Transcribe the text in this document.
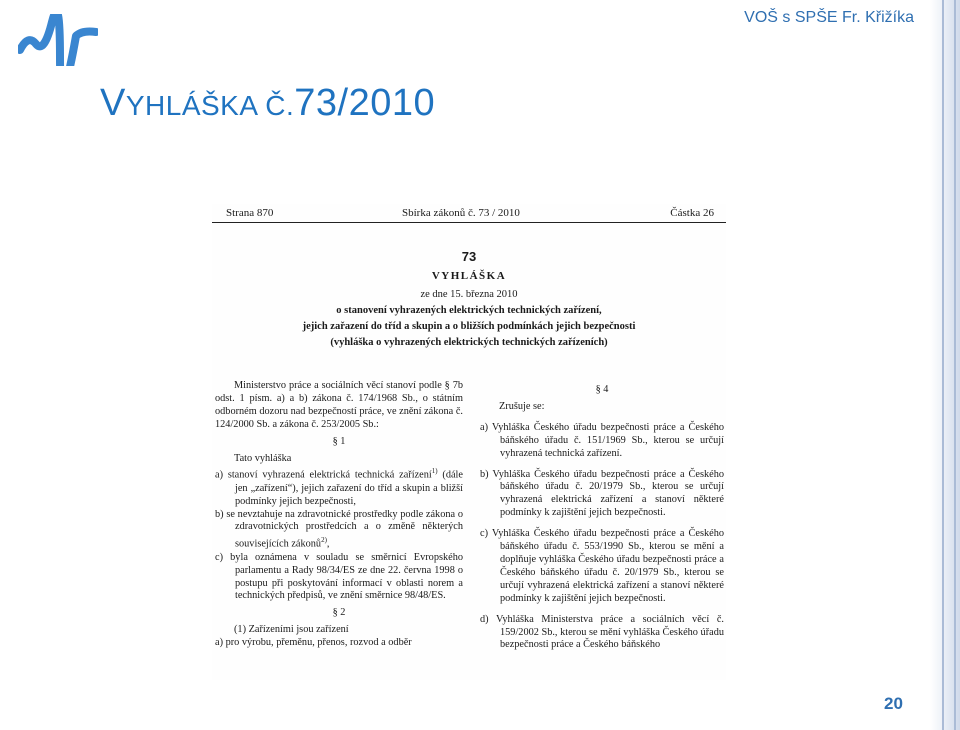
VOŠ s SPŠE Fr. Křižíka
VYHLÁŠKA Č.73/2010
Strana 870	Sbírka zákonů č. 73 / 2010	Částka 26
73
VYHLÁŠKA
ze dne 15. března 2010
o stanovení vyhrazených elektrických technických zařízení,
jejich zařazení do tříd a skupin a o bližších podmínkách jejich bezpečnosti
(vyhláška o vyhrazených elektrických technických zařízeních)

Ministerstvo práce a sociálních věcí stanoví podle § 7b odst. 1 písm. a) a b) zákona č. 174/1968 Sb., o státním odborném dozoru nad bezpečností práce, ve znění zákona č. 124/2000 Sb. a zákona č. 253/2005 Sb.:

§ 1

Tato vyhláška

a) stanoví vyhrazená elektrická technická zařízení$^{1)}$ (dále jen „zařízení“), jejich zařazení do tříd a skupin a bližší podmínky jejich bezpečnosti,

b) se nevztahuje na zdravotnické prostředky podle zákona o zdravotnických prostředcích a o změně některých souvisejících zákonů$^{2)}$,

c) byla oznámena v souladu se směrnicí Evropského parlamentu a Rady 98/34/ES ze dne 22. června 1998 o postupu při poskytování informací v oblasti norem a technických předpisů, ve znění směrnice 98/48/ES.

§ 2

(1) Zařízeními jsou zařízení

a) pro výrobu, přeměnu, přenos, rozvod a odběr

§ 4

Zrušuje se:

a) Vyhláška Českého úřadu bezpečnosti práce a Českého báňského úřadu č. 151/1969 Sb., kterou se určují vyhrazená technická zařízení.

b) Vyhláška Českého úřadu bezpečnosti práce a Českého báňského úřadu č. 20/1979 Sb., kterou se určují vyhrazená elektrická zařízení a stanoví některé podmínky k zajištění jejich bezpečnosti.

c) Vyhláška Českého úřadu bezpečnosti práce a Českého báňského úřadu č. 553/1990 Sb., kterou se mění a doplňuje vyhláška Českého úřadu bezpečnosti práce a Českého báňského úřadu č. 20/1979 Sb., kterou se určují vyhrazená elektrická zařízení a stanoví některé podmínky k zajištění jejich bezpečnosti.

d) Vyhláška Ministerstva práce a sociálních věcí č. 159/2002 Sb., kterou se mění vyhláška Českého úřadu bezpečnosti práce a Českého báňského

20
